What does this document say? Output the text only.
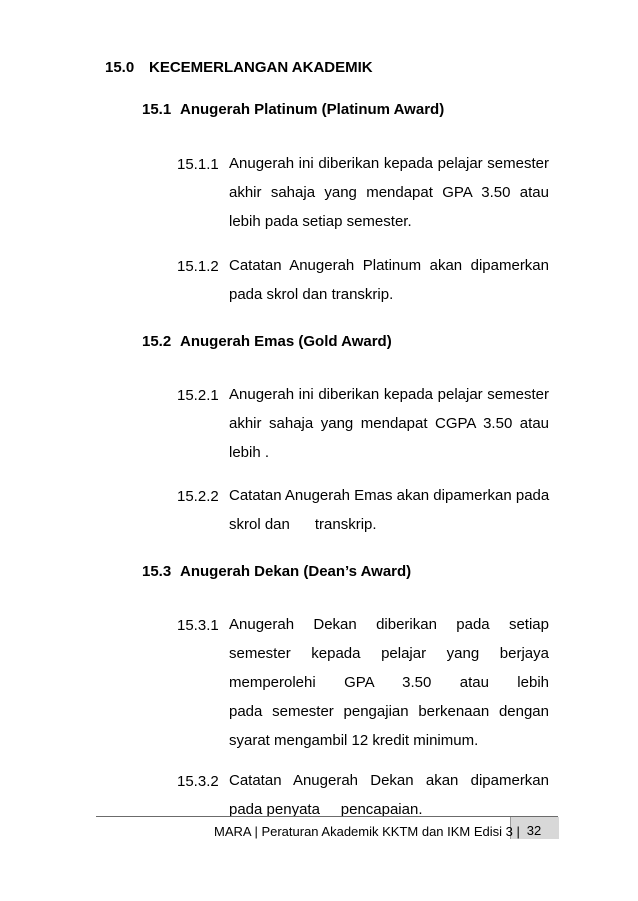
15.0 KECEMERLANGAN AKADEMIK
15.1 Anugerah Platinum (Platinum Award)
15.1.1 Anugerah ini diberikan kepada pelajar semester
akhir sahaja yang mendapat GPA 3.50 atau
lebih pada setiap semester.
15.1.2 Catatan Anugerah Platinum akan dipamerkan
pada skrol dan transkrip.
15.2 Anugerah Emas (Gold Award)
15.2.1 Anugerah ini diberikan kepada pelajar semester
akhir sahaja yang mendapat CGPA 3.50 atau
lebih .
15.2.2 Catatan Anugerah Emas akan dipamerkan pada
skrol dan      transkrip.
15.3 Anugerah Dekan (Dean’s Award)
15.3.1 Anugerah Dekan diberikan pada setiap
semester kepada pelajar yang berjaya
memperolehi GPA 3.50 atau lebih
pada semester pengajian berkenaan dengan
syarat mengambil 12 kredit minimum.
15.3.2 Catatan Anugerah Dekan akan dipamerkan
pada penyata     pencapaian.
MARA | Peraturan Akademik KKTM dan IKM Edisi 3 | 32
